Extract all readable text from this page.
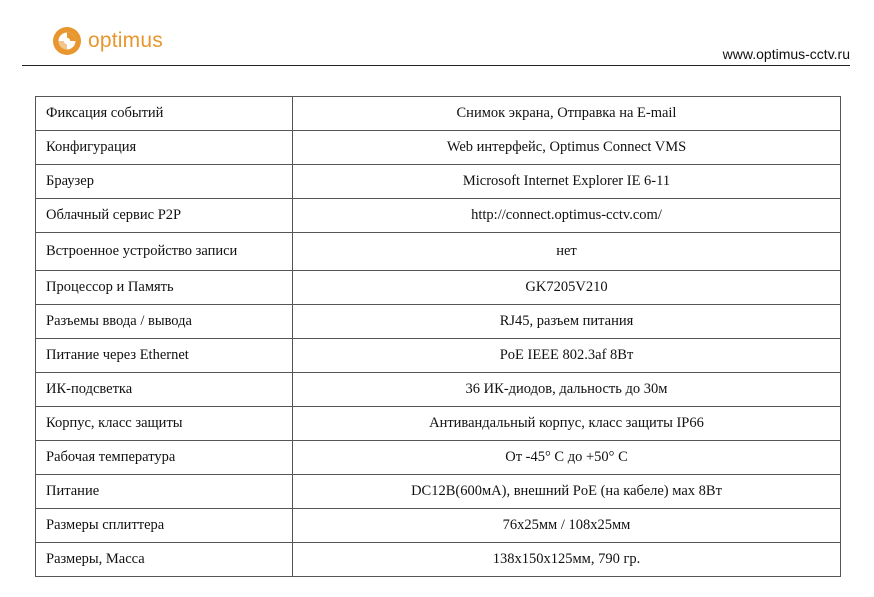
optimus
www.optimus-cctv.ru
Фиксация событий	Снимок экрана, Отправка на E-mail
Конфигурация	Web интерфейс, Optimus Connect VMS
Браузер	Microsoft Internet Explorer IE 6-11
Облачный сервис P2P	http://connect.optimus-cctv.com/
Встроенное устройство записи	нет
Процессор и Память	GK7205V210
Разъемы ввода / вывода	RJ45, разъем питания
Питание через Ethernet	PoE IEEE 802.3af 8Вт
ИК-подсветка	36 ИК-диодов, дальность до 30м
Корпус, класс защиты	Антивандальный корпус, класс защиты IP66
Рабочая температура	От -45° С до +50° С
Питание	DC12В(600мА), внешний PoE (на кабеле) мах 8Вт
Размеры сплиттера	76х25мм / 108х25мм
Размеры, Масса	138х150х125мм, 790 гр.
